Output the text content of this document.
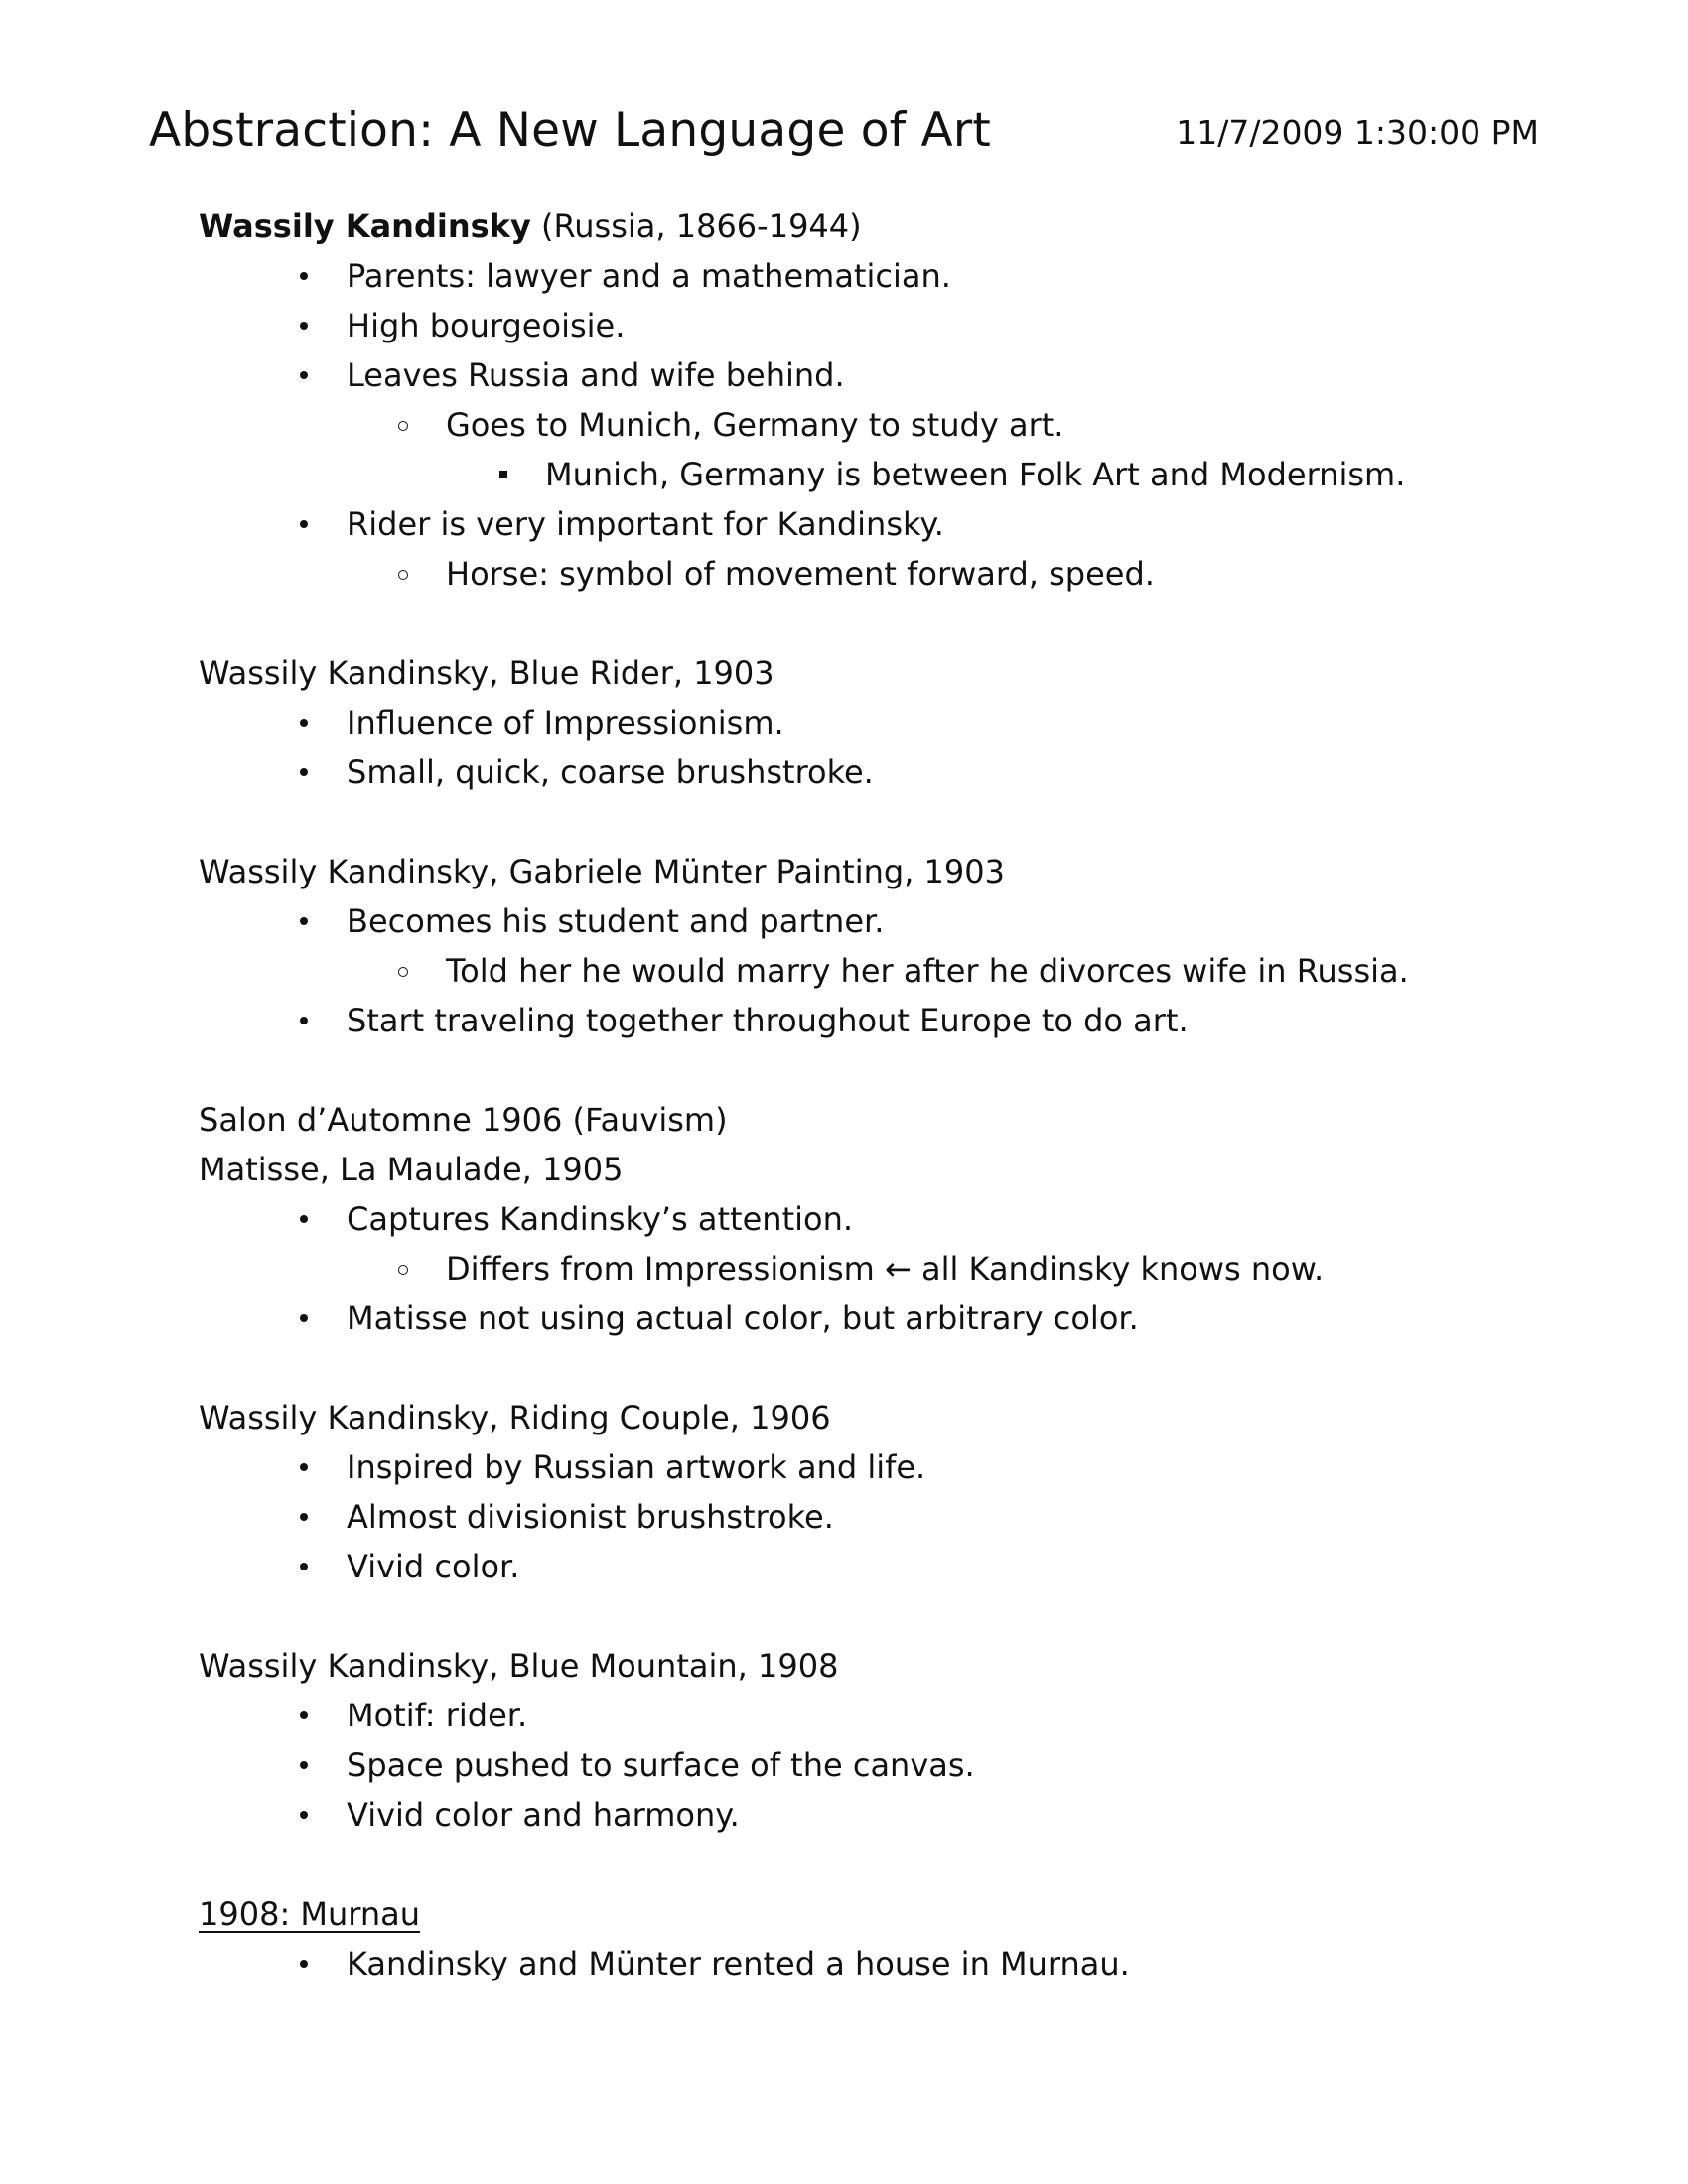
Abstraction: A New Language of Art	11/7/2009 1:30:00 PM
Wassily Kandinsky (Russia, 1866-1944)
Parents: lawyer and a mathematician.
High bourgeoisie.
Leaves Russia and wife behind.
Goes to Munich, Germany to study art.
Munich, Germany is between Folk Art and Modernism.
Rider is very important for Kandinsky.
Horse: symbol of movement forward, speed.
Wassily Kandinsky, Blue Rider, 1903
Influence of Impressionism.
Small, quick, coarse brushstroke.
Wassily Kandinsky, Gabriele Münter Painting, 1903
Becomes his student and partner.
Told her he would marry her after he divorces wife in Russia.
Start traveling together throughout Europe to do art.
Salon d’Automne 1906 (Fauvism)
Matisse, La Maulade, 1905
Captures Kandinsky’s attention.
Differs from Impressionism ← all Kandinsky knows now.
Matisse not using actual color, but arbitrary color.
Wassily Kandinsky, Riding Couple, 1906
Inspired by Russian artwork and life.
Almost divisionist brushstroke.
Vivid color.
Wassily Kandinsky, Blue Mountain, 1908
Motif: rider.
Space pushed to surface of the canvas.
Vivid color and harmony.
1908: Murnau
Kandinsky and Münter rented a house in Murnau.
